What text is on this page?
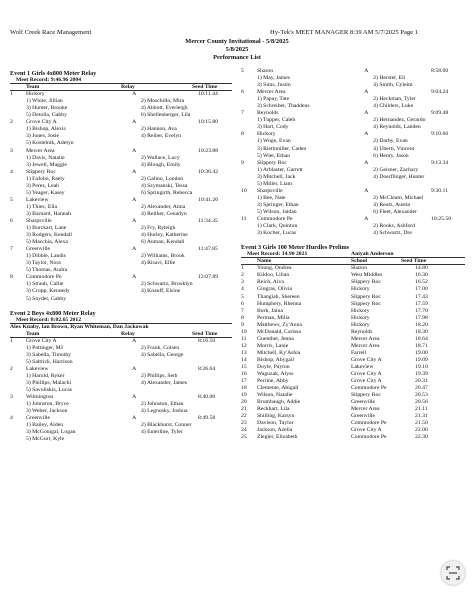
Wolf Creek Race Management	Hy-Tek's MEET MANAGER 8:39 AM 5/7/2025 Page 1
Mercer County Invitational - 5/8/2025
5/8/2025
Performance List
Event 1 Girls 4x800 Meter Relay
Meet Record: 9:46.96 2004
Team	Relay	Seed Time
1 Hickory	A	10:11.44
1) White, Jillian	2) Moschillo, Mira
3) Hunter, Brooke	4) Abbott, Everleigh
5) Detolla, Gabby	6) Shellenberger, Lila
2 Grove City A	A	10:15.80
1) Bishop, Alexis	2) Hannon, Ava
3) Jones, Josie	4) Reiber, Evelyn
5) Kostelnik, Adelyn
3 Mercer Area	A	10:23.88
1) Davis, Natalie	2) Wallace, Lucy
3) Jewell, Maggie	4) Blough, Emily
4 Slippery Roc	A	10:36.42
1) FaJohn, Raely	2) Galino, London
3) Perez, Leah	4) Szymanski, Tessa
5) Yeager, Kasey	6) Springirth, Rebecca
5 Lakeview	A	10:41.26
1) Thiec, Ella	2) Alexander, Anna
3) Barnard, Hannah	4) Reither, Cenadyn
6 Sharpsville	A	11:34.35
1) Burckart, Lane	2) Fry, Ryleigh
3) Rodgers, Kendall	4) Hurley, Katherine
5) Macchia, Alexa	6) Auman, Kendall
7 Greenville	A	11:47.85
1) Dibble, Landis	2) Williams, Brook
3) Taylor, Nora	4) Risavi, Ellie
5) Thomas, Audra
8 Commodore Pe	A	12:07.89
1) Straub, Callie	2) Schwartz, Brooklyn
3) Cropp, Kennedy	4) Knauff, Elsine
5) Snyder, Gabby
Event 2 Boys 4x800 Meter Relay
Meet Record: 8:02.65 2012
Alex Knaby, Ian Brown, Ryan Whiteman, Dan Jackowak
Team	Relay	Seed Time
1 Grove City A	A	8:16.50
1) Pottinger, MJ	2) Frank, Colsen
3) Sabella, Timothy	4) Sabella, George
5) Saltrick, Harrison
2 Lakeview	A	8:26.64
1) Harold, Ryker	2) Phillips, Seth
3) Phillips, Malachi	4) Alexander, James
5) Savoliskis, Lucas
3 Wilmington	A	8:40.00
1) Johnston, Bryce	2) Johnston, Ethan
3) Weber, Jackson	4) Legnosky, Joshua
4 Greenville	A	8:49.58
1) Bailey, Aiden	2) Blackhurst, Conner
3) McGonigal, Logan	4) Enterline, Tyler
5) McGurr, Kyle
5 Sharon	A	8:58.00
1) May, James	2) Herster, Eli
3) Sims, Justin	4) Smith, Cyleim
6 Mercer Area	A	9:04.24
1) Papay, Tate	2) Heckman, Tyler
3) Schreiber, Thaddeus	4) Childers, Luke
7 Reynolds	A	9:09.48
1) Tupper, Caleb	2) Hernandez, Gerardo
3) Hart, Cody	4) Reynolds, Landen
8 Hickory	A	9:10.66
1) Woge, Evan	2) Darby, Evan
3) Riethmiller, Caden	4) Uberti, Vincent
5) Wier, Ethan	6) Henry, Jason
9 Slippery Roc	A	9:13.34
1) Arblaster, Garrett	2) Geisner, Zachary
3) Mitchell, Jack	4) Doerflinger, Hunter
5) Miller, Liam
10 Sharpsville	A	9:30.11
1) Bee, Nate	2) McCleam, Michael
3) Springer, Ethan	4) Reutz, Austin
5) Wilson, Jaidan	6) Fleet, Alexander
11 Commodore Pe	A	10:25.50
1) Clark, Quinton	2) Rooks, Ashford
3) Kocher, Lucas	4) Schwartz, Dre
Event 3 Girls 100 Meter Hurdles Prelims
Meet Record: 14.90 2021	Aniyah Anderson
Name	School	Seed Time
1 Young, Ondrea	Sharon	14.80
2 Kildoo, Lilian	West Middles	16.30
3 Reich, Aiva	Slippery Roc	16.52
4 Gingras, Olivia	Hickory	17.00
5 Thangiah, Shereen	Slippery Roc	17.43
6 Humphery, Rhenna	Slippery Roc	17.59
7 Burk, Jaina	Hickory	17.70
8 Perman, Milla	Hickory	17.98
9 Matthews, Zy'Anna	Hickory	18.20
10 McDonald, Carissa	Reynolds	18.30
11 Guenther, Jenna	Mercer Area	18.64
12 Morris, Lanie	Mercer Area	18.71
13 Mitchell, Ky'Ashia	Farrell	19.00
14 Bishop, Abygail	Grove City A	19.09
15 Doyle, Payton	Lakeview	19.10
16 Waguzak, Alyss	Grove City A	19.39
17 Perrine, Abby	Grove City A	20.31
18 Clemente, Abigail	Commodore Pe	20.47
19 Wilson, Natalie	Slippery Roc	20.53
20 Brumbaugh, Addie	Greenville	20.56
21 Reckhart, Lila	Mercer Area	21.11
22 Shilling, Karsyn	Greenville	21.31
23 Davison, Taylor	Commodore Pe	21.50
24 Jackson, Azelia	Grove City A	22.00
25 Ziegler, Elizabeth	Commodore Pe	22.30
